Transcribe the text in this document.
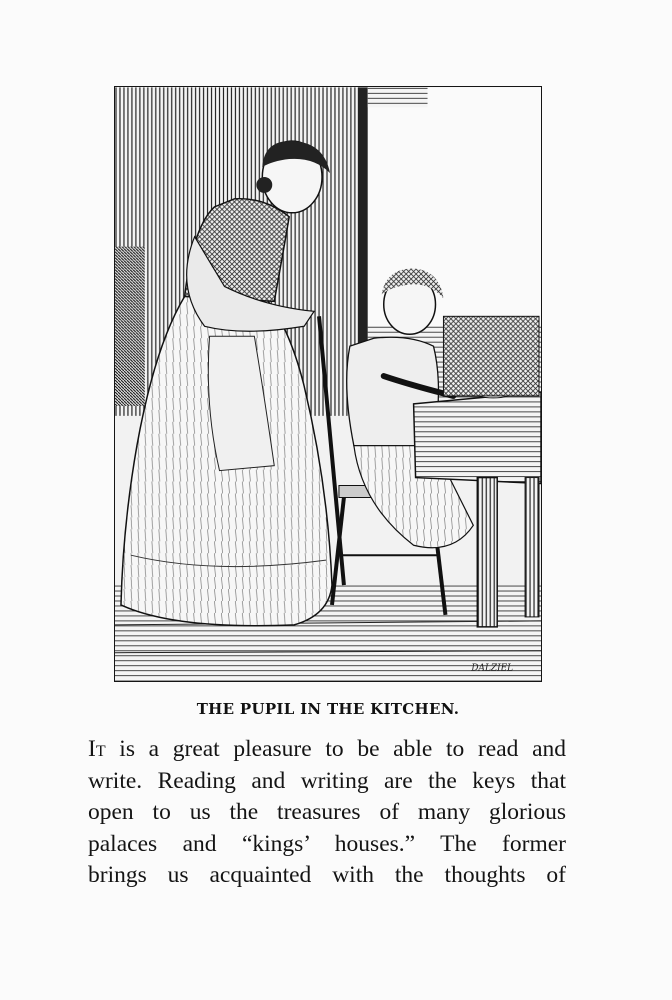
DALZIEL

THE PUPIL IN THE KITCHEN.

It is a great pleasure to be able to read and
write. Reading and writing are the keys that
open to us the treasures of many glorious
palaces and “kings’ houses.” The former
brings us acquainted with the thoughts of
